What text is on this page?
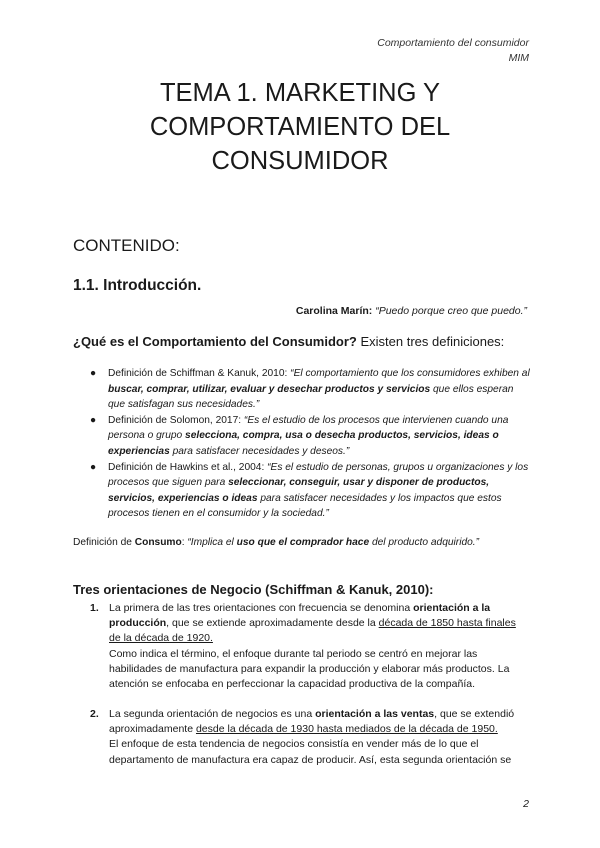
Comportamiento del consumidor
MIM
TEMA 1. MARKETING Y
COMPORTAMIENTO DEL
CONSUMIDOR
CONTENIDO:
1.1. Introducción.
Carolina Marín: “Puedo porque creo que puedo.”
¿Qué es el Comportamiento del Consumidor? Existen tres definiciones:
● Definición de Schiffman & Kanuk, 2010: “El comportamiento que los consumidores exhiben al buscar, comprar, utilizar, evaluar y desechar productos y servicios que ellos esperan que satisfagan sus necesidades.”
● Definición de Solomon, 2017: “Es el estudio de los procesos que intervienen cuando una persona o grupo selecciona, compra, usa o desecha productos, servicios, ideas o experiencias para satisfacer necesidades y deseos.”
● Definición de Hawkins et al., 2004: “Es el estudio de personas, grupos u organizaciones y los procesos que siguen para seleccionar, conseguir, usar y disponer de productos, servicios, experiencias o ideas para satisfacer necesidades y los impactos que estos procesos tienen en el consumidor y la sociedad.”
Definición de Consumo: “Implica el uso que el comprador hace del producto adquirido.”
Tres orientaciones de Negocio (Schiffman & Kanuk, 2010):
1. La primera de las tres orientaciones con frecuencia se denomina orientación a la producción, que se extiende aproximadamente desde la década de 1850 hasta finales de la década de 1920.

Como indica el término, el enfoque durante tal periodo se centró en mejorar las habilidades de manufactura para expandir la producción y elaborar más productos. La atención se enfocaba en perfeccionar la capacidad productiva de la compañía.

2. La segunda orientación de negocios es una orientación a las ventas, que se extendió aproximadamente desde la década de 1930 hasta mediados de la década de 1950.

El enfoque de esta tendencia de negocios consistía en vender más de lo que el departamento de manufactura era capaz de producir. Así, esta segunda orientación se

2
